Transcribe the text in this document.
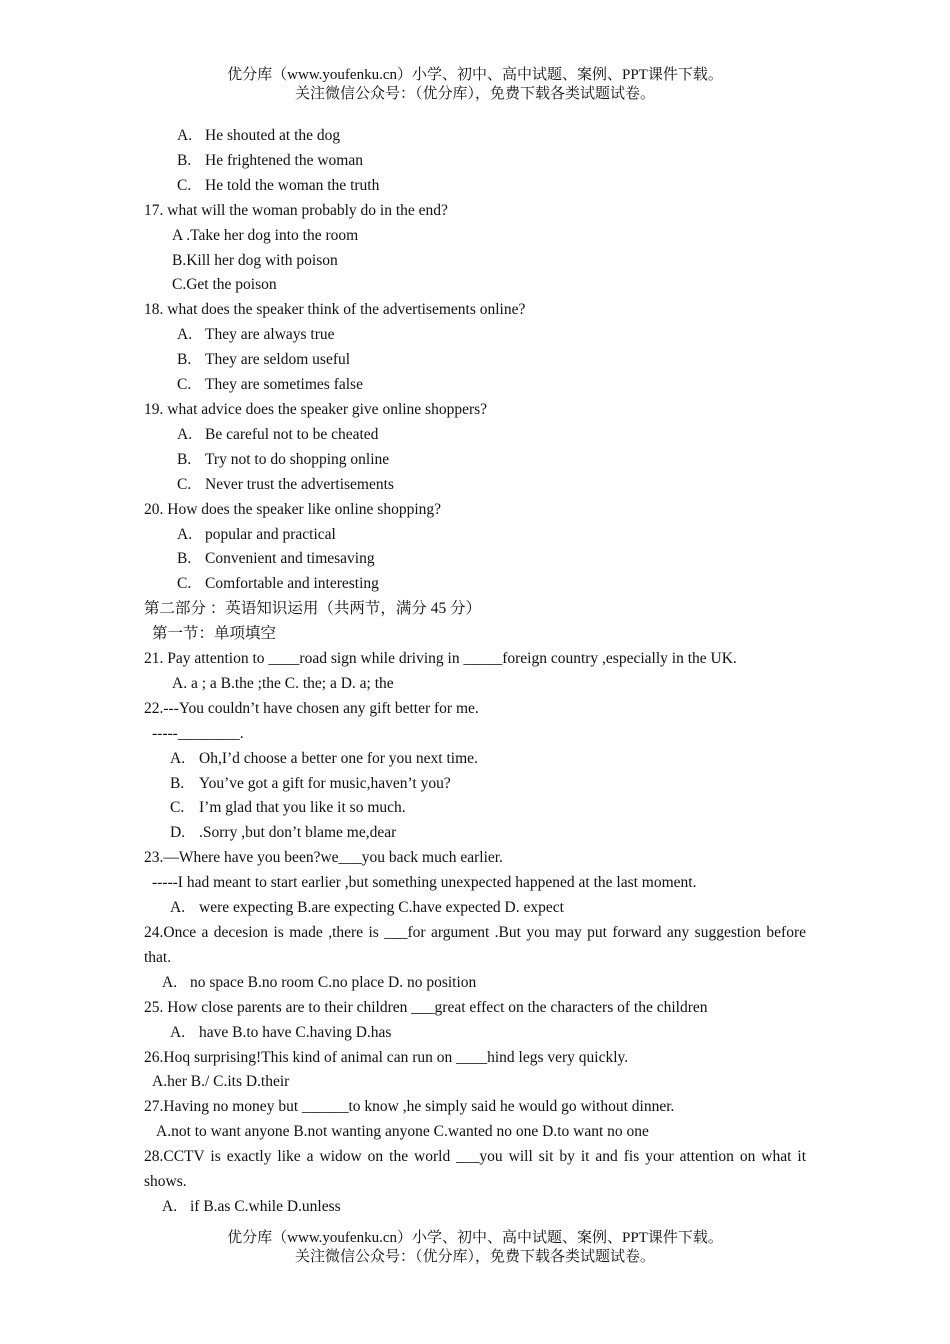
优分库（www.youfenku.cn）小学、初中、高中试题、案例、PPT课件下载。
关注微信公众号：（优分库），免费下载各类试题试卷。
A. He shouted at the dog
B. He frightened the woman
C. He told the woman the truth
17. what will the woman probably do in the end?
A .Take her dog into the room
B.Kill her dog with poison
C.Get the poison
18. what does the speaker think of the advertisements online?
A. They are always true
B. They are seldom useful
C. They are sometimes false
19. what advice does the speaker give online shoppers?
A. Be careful not to be cheated
B. Try not to do shopping online
C. Never trust the advertisements
20. How does the speaker like online shopping?
A. popular and practical
B. Convenient and timesaving
C. Comfortable and interesting
第二部分 ：英语知识运用（共两节，满分 45 分）
第一节：单项填空
21. Pay attention to ____road sign while driving in _____foreign country ,especially in the UK.
A. a ; a B.the ;the C. the; a D. a; the
22.---You couldn’t have chosen any gift better for me.
-----________.
A. Oh,I’d choose a better one for you next time.
B. You’ve got a gift for music,haven’t you?
C. I’m glad that you like it so much.
D. .Sorry ,but don’t blame me,dear
23.—Where have you been?we___you back much earlier.
-----I had meant to start earlier ,but something unexpected happened at the last moment.
A. were expecting B.are expecting C.have expected D. expect
24.Once a decesion is made ,there is ___for argument .But you may put forward any suggestion before that.
A. no space B.no room C.no place D. no position
25. How close parents are to their children ___great effect on the characters of the children
A. have B.to have C.having D.has
26.Hoq surprising!This kind of animal can run on ____hind legs very quickly.
A.her B./ C.its D.their
27.Having no money but ______to know ,he simply said he would go without dinner.
A.not to want anyone B.not wanting anyone C.wanted no one D.to want no one
28.CCTV is exactly like a widow on the world ___you will sit by it and fis your attention on what it shows.
A. if B.as C.while D.unless
优分库（www.youfenku.cn）小学、初中、高中试题、案例、PPT课件下载。
关注微信公众号：（优分库），免费下载各类试题试卷。
